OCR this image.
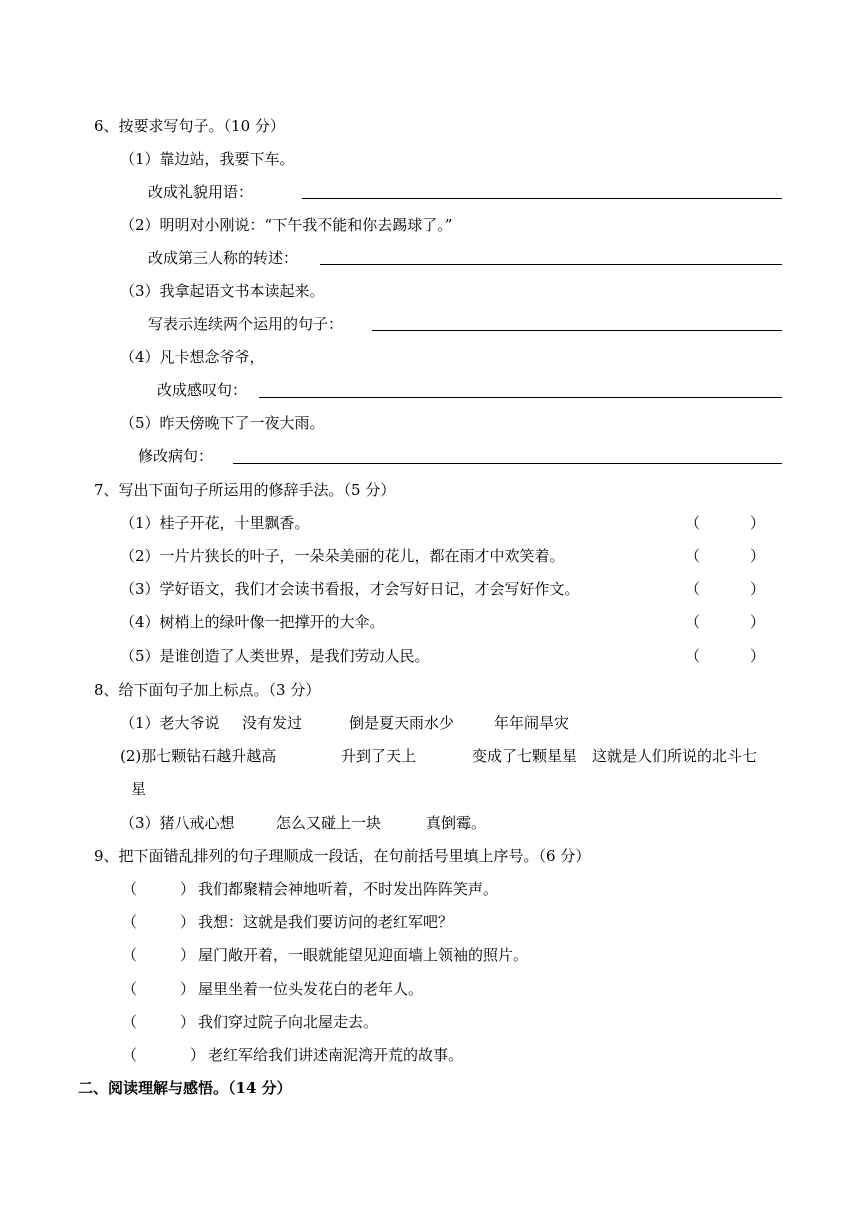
6、按要求写句子。（10 分）
（1）靠边站，我要下车。
改成礼貌用语：
（2）明明对小刚说：“下午我不能和你去踢球了。”
改成第三人称的转述：
（3）我拿起语文书本读起来。
写表示连续两个运用的句子：
（4）凡卡想念爷爷，
改成感叹句：
（5）昨天傍晚下了一夜大雨。
修改病句：
7、写出下面句子所运用的修辞手法。（5 分）
（1）桂子开花，十里飘香。	（	）
（2）一片片狭长的叶子，一朵朵美丽的花儿，都在雨才中欢笑着。	（	）
（3）学好语文，我们才会读书看报，才会写好日记，才会写好作文。	（	）
（4）树梢上的绿叶像一把撑开的大伞。	（	）
（5）是谁创造了人类世界，是我们劳动人民。	（	）
8、给下面句子加上标点。（3 分）
（1）老大爷说 没有发过	倒是夏天雨水少	年年闹旱灾
(2)那七颗钻石越升越高	升到了天上	变成了七颗星星 这就是人们所说的北斗七
星
（3）猪八戒心想	怎么又碰上一块	真倒霉。
9、把下面错乱排列的句子理顺成一段话，在句前括号里填上序号。（6 分）
（	） 我们都聚精会神地听着，不时发出阵阵笑声。
（	） 我想：这就是我们要访问的老红军吧？
（	） 屋门敞开着，一眼就能望见迎面墙上领袖的照片。
（	） 屋里坐着一位头发花白的老年人。
（	） 我们穿过院子向北屋走去。
（	） 老红军给我们讲述南泥湾开荒的故事。
二、阅读理解与感悟。（14 分）
